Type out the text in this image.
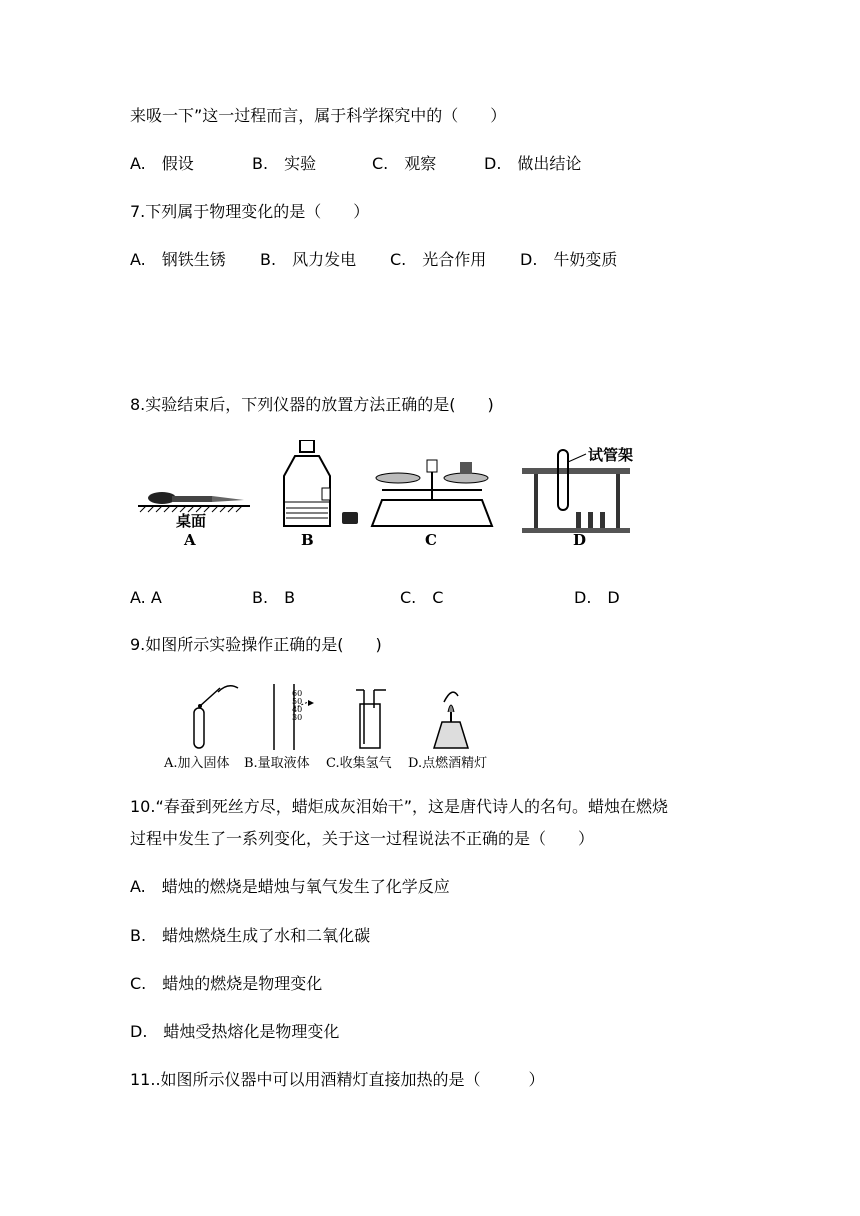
来吸一下”这一过程而言，属于科学探究中的（　　）
A.　假设	B.　实验	C.　观察	D.　做出结论
7.下列属于物理变化的是（　　）
A.　钢铁生锈 B.　风力发电 C.　光合作用 D.　牛奶变质
8.实验结束后，下列仪器的放置方法正确的是(　　)
桌面
试管架
A	B	C	D
A. A	B.　B	C.　C	D.　D
9.如图所示实验操作正确的是(　　)
60
50
40
30
A.加入固体 B.量取液体 C.收集氢气 D.点燃酒精灯
10.“春蚕到死丝方尽，蜡炬成灰泪始干”，这是唐代诗人的名句。蜡烛在燃烧
过程中发生了一系列变化，关于这一过程说法不正确的是（　　）
A.　蜡烛的燃烧是蜡烛与氧气发生了化学反应
B.　蜡烛燃烧生成了水和二氧化碳
C.　蜡烛的燃烧是物理变化
D.　蜡烛受热熔化是物理变化
11..如图所示仪器中可以用酒精灯直接加热的是（　　　）
